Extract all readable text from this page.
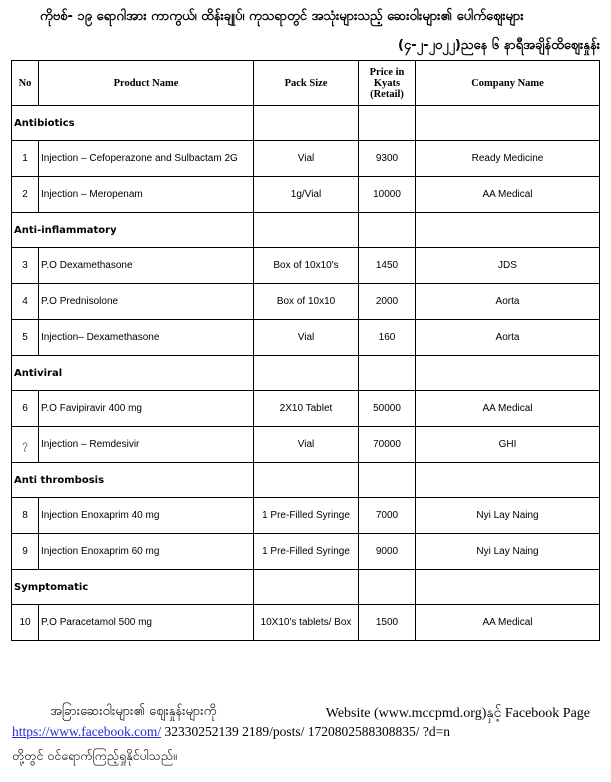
ကိုဗစ်- ၁၉ ရောဂါအား ကာကွယ်၊ ထိန်းချုပ်၊ ကုသရာတွင် အသုံးများသည့် ဆေးဝါးများ၏ ပေါက်ဈေးများ
(၄-၂-၂၀၂၂)ညနေ ၆ နာရီအချိန်ထိဈေးနှုန်း
No	Product Name	Pack Size	Price in Kyats (Retail)	Company Name
Antibiotics				
1	Injection – Cefoperazone and Sulbactam 2G	Vial	9300	Ready Medicine
2	Injection – Meropenam	1g/Vial	10000	AA Medical
Anti-inflammatory				
3	P.O Dexamethasone	Box of 10x10's	1450	JDS
4	P.O Prednisolone	Box of 10x10	2000	Aorta
5	Injection– Dexamethasone	Vial	160	Aorta
Antiviral				
6	P.O Favipiravir 400 mg	2X10 Tablet	50000	AA Medical
၇	Injection – Remdesivir	Vial	70000	GHI
Anti thrombosis				
8	Injection Enoxaprim 40 mg	1 Pre-Filled Syringe	7000	Nyi Lay Naing
9	Injection Enoxaprim 60 mg	1 Pre-Filled Syringe	9000	Nyi Lay Naing
Symptomatic				
10	P.O Paracetamol 500 mg	10X10's tablets/ Box	1500	AA Medical
အခြားဆေးဝါးများ၏ ဈေးနှုန်းများကို	Website (www.mccpmd.org)နှင့် Facebook Page
https://www.facebook.com/ 32330252139 2189/posts/ 1720802588308835/ ?d=n
တို့တွင် ဝင်ရောက်ကြည့်ရှုနိုင်ပါသည်။
